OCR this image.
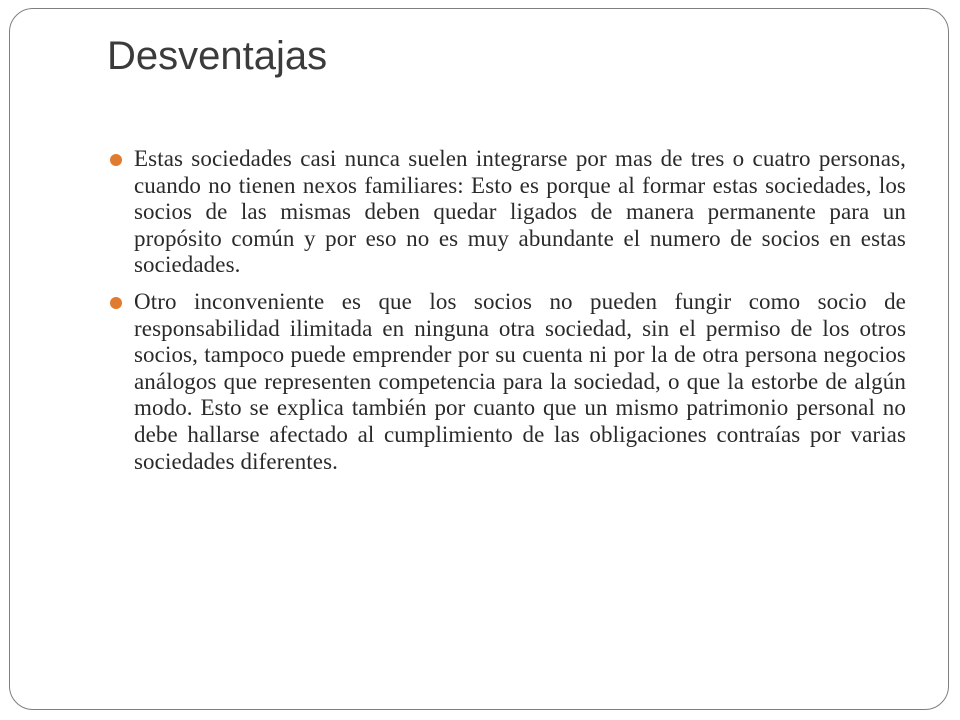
Desventajas
Estas sociedades casi nunca suelen integrarse por mas de tres o cuatro personas, cuando no tienen nexos familiares: Esto es porque al formar estas sociedades, los socios de las mismas deben quedar ligados de manera permanente para un propósito común y por eso no es muy abundante el numero de socios en estas sociedades.
Otro inconveniente es que los socios no pueden fungir como socio de responsabilidad ilimitada en ninguna otra sociedad, sin el permiso de los otros socios, tampoco puede emprender por su cuenta ni por la de otra persona negocios análogos que representen competencia para la sociedad, o que la estorbe de algún modo. Esto se explica también por cuanto que un mismo patrimonio personal no debe hallarse afectado al cumplimiento de las obligaciones contraías por varias sociedades diferentes.
